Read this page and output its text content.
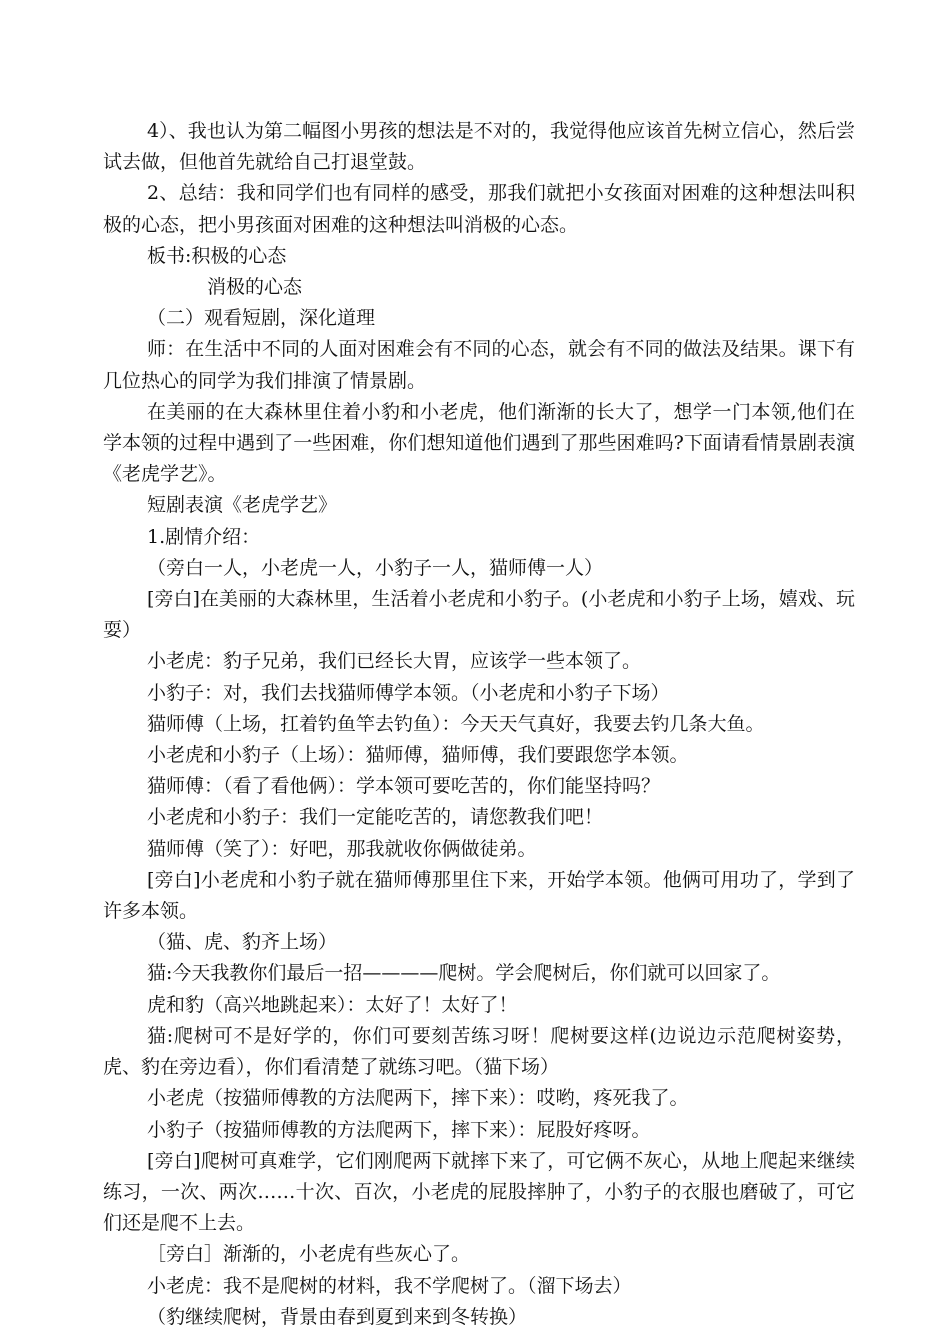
4）、我也认为第二幅图小男孩的想法是不对的，我觉得他应该首先树立信心，然后尝试去做，但他首先就给自己打退堂鼓。

2、总结：我和同学们也有同样的感受，那我们就把小女孩面对困难的这种想法叫积极的心态，把小男孩面对困难的这种想法叫消极的心态。

板书:积极的心态

消极的心态

（二）观看短剧，深化道理

师：在生活中不同的人面对困难会有不同的心态，就会有不同的做法及结果。课下有几位热心的同学为我们排演了情景剧。

在美丽的在大森林里住着小豹和小老虎，他们渐渐的长大了，想学一门本领,他们在学本领的过程中遇到了一些困难，你们想知道他们遇到了那些困难吗?下面请看情景剧表演《老虎学艺》。

短剧表演《老虎学艺》

1.剧情介绍：

（旁白一人，小老虎一人，小豹子一人，猫师傅一人）

[旁白]在美丽的大森林里，生活着小老虎和小豹子。(小老虎和小豹子上场，嬉戏、玩耍）

小老虎：豹子兄弟，我们已经长大胃，应该学一些本领了。

小豹子：对，我们去找猫师傅学本领。（小老虎和小豹子下场）

猫师傅（上场，扛着钓鱼竿去钓鱼）：今天天气真好，我要去钓几条大鱼。

小老虎和小豹子（上场）：猫师傅，猫师傅，我们要跟您学本领。

猫师傅：（看了看他俩）：学本领可要吃苦的，你们能坚持吗？

小老虎和小豹子：我们一定能吃苦的，请您教我们吧！

猫师傅（笑了）：好吧，那我就收你俩做徒弟。

[旁白]小老虎和小豹子就在猫师傅那里住下来，开始学本领。他俩可用功了，学到了许多本领。

（猫、虎、豹齐上场）

猫:今天我教你们最后一招————爬树。学会爬树后，你们就可以回家了。

虎和豹（高兴地跳起来）：太好了！太好了！

猫:爬树可不是好学的，你们可要刻苦练习呀！爬树要这样(边说边示范爬树姿势，虎、豹在旁边看），你们看清楚了就练习吧。（猫下场）

小老虎（按猫师傅教的方法爬两下，摔下来）：哎哟，疼死我了。

小豹子（按猫师傅教的方法爬两下，摔下来）：屁股好疼呀。

[旁白]爬树可真难学，它们刚爬两下就摔下来了，可它俩不灰心，从地上爬起来继续练习，一次、两次……十次、百次，小老虎的屁股摔肿了，小豹子的衣服也磨破了，可它们还是爬不上去。

［旁白］渐渐的，小老虎有些灰心了。

小老虎：我不是爬树的材料，我不学爬树了。（溜下场去）

（豹继续爬树，背景由春到夏到来到冬转换）
